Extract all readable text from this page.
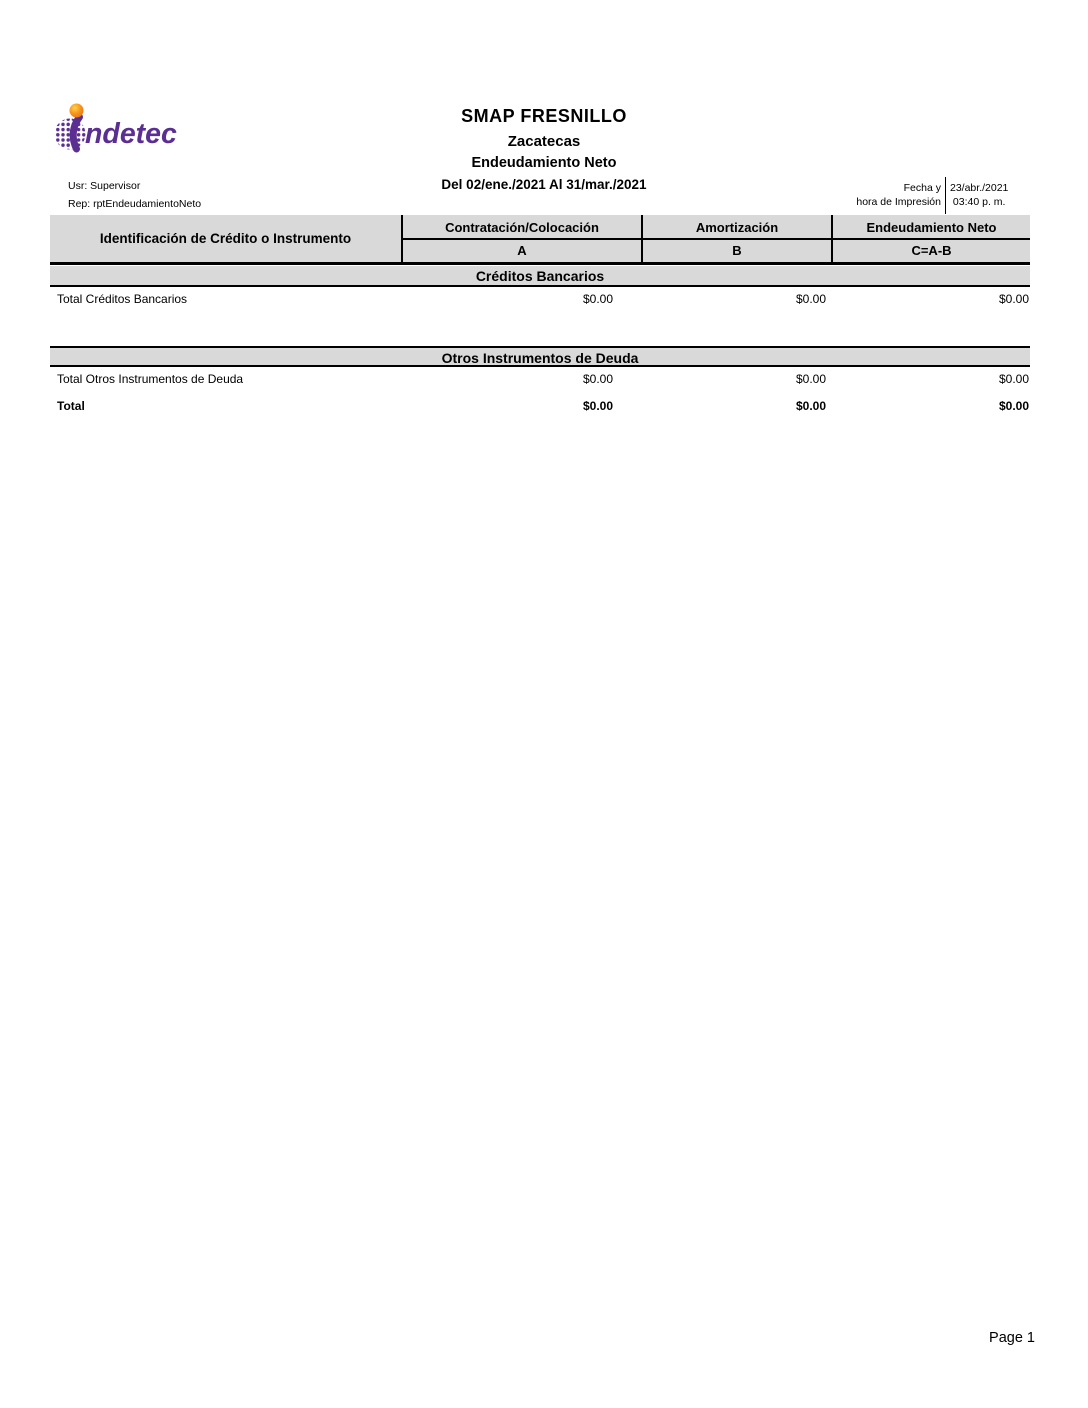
ndetec
SMAP FRESNILLO
Zacatecas
Endeudamiento Neto
Del 02/ene./2021 Al 31/mar./2021
Usr: Supervisor
Rep: rptEndeudamientoNeto
Fecha y
hora de Impresión
23/abr./2021
03:40 p. m.
Identificación de Crédito o Instrumento
Contratación/Colocación	Amortización	Endeudamiento Neto
A	B	C=A-B
Créditos Bancarios
Total Créditos Bancarios	$0.00	$0.00	$0.00
Otros Instrumentos de Deuda
Total Otros Instrumentos de Deuda	$0.00	$0.00	$0.00
Total	$0.00	$0.00	$0.00
Page 1
